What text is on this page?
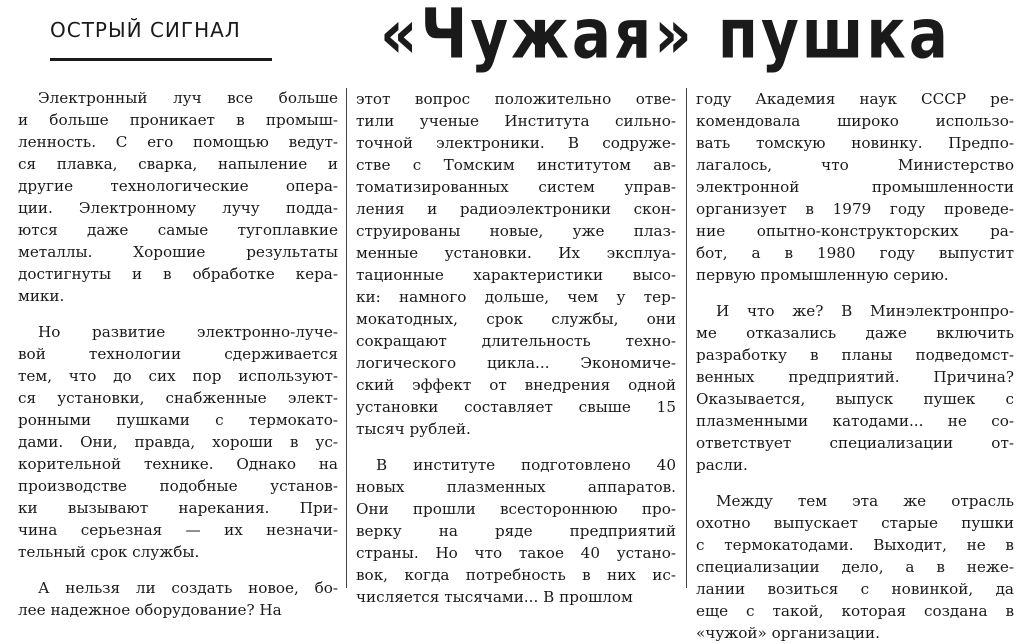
ОСТРЫЙ СИГНАЛ	«Чужая» пушка
Электронный луч все больше
и больше проникает в промыш-
ленность. С его помощью ведут-
ся плавка, сварка, напыление и
другие технологические опера-
ции. Электронному лучу подда-
ются даже самые тугоплавкие
металлы. Хорошие результаты
достигнуты и в обработке кера-
мики.
Но развитие электронно-луче-
вой технологии сдерживается
тем, что до сих пор используют-
ся установки, снабженные элект-
ронными пушками с термокато-
дами. Они, правда, хороши в ус-
корительной технике. Однако на
производстве подобные установ-
ки вызывают нарекания. При-
чина серьезная — их незначи-
тельный срок службы.
А нельзя ли создать новое, бо-
лее надежное оборудование? На
этот вопрос положительно отве-
тили ученые Института сильно-
точной электроники. В содруже-
стве с Томским институтом ав-
томатизированных систем управ-
ления и радиоэлектроники скон-
струированы новые, уже плаз-
менные установки. Их эксплуа-
тационные характеристики высо-
ки: намного дольше, чем у тер-
мокатодных, срок службы, они
сокращают длительность техно-
логического цикла... Экономиче-
ский эффект от внедрения одной
установки составляет свыше 15
тысяч рублей.
В институте подготовлено 40
новых плазменных аппаратов.
Они прошли всестороннюю про-
верку на ряде предприятий
страны. Но что такое 40 устано-
вок, когда потребность в них ис-
числяется тысячами... В прошлом
году Академия наук СССР ре-
комендовала широко использо-
вать томскую новинку. Предпо-
лагалось, что Министерство
электронной промышленности
организует в 1979 году проведе-
ние опытно-конструкторских ра-
бот, а в 1980 году выпустит
первую промышленную серию.
И что же? В Минэлектронпро-
ме отказались даже включить
разработку в планы подведомст-
венных предприятий. Причина?
Оказывается, выпуск пушек с
плазменными катодами... не со-
ответствует специализации от-
расли.
Между тем эта же отрасль
охотно выпускает старые пушки
с термокатодами. Выходит, не в
специализации дело, а в нежe-
лании возиться с новинкой, да
еще с такой, которая создана в
«чужой» организации.
